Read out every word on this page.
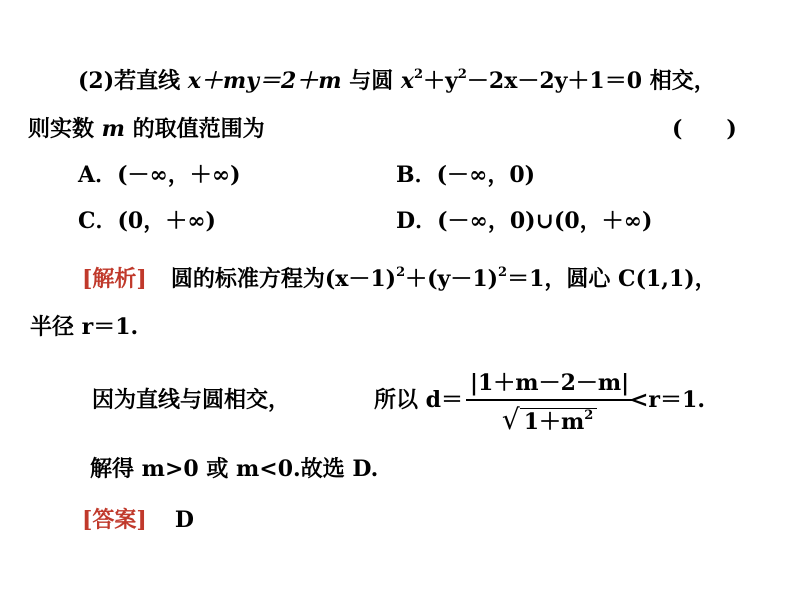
(2)若直线 x＋my＝2＋m 与圆 $x^2+y^2-2x-2y+1=0$ 相交，
则实数 m 的取值范围为	(　　)
A．(－∞，＋∞)	B．(－∞，0)
C．(0，＋∞)	D．(－∞，0)∪(0，＋∞)
[解析] 圆的标准方程为$(x-1)^2+(y-1)^2=1$，圆心 C(1,1)，
半径 r＝1.
因为直线与圆相交，	所以 $d= \frac{|1+m-2-m|}{√ 1+m^2}$
<r＝1.
解得 m>0 或 m<0.故选 D.
[答案] D
